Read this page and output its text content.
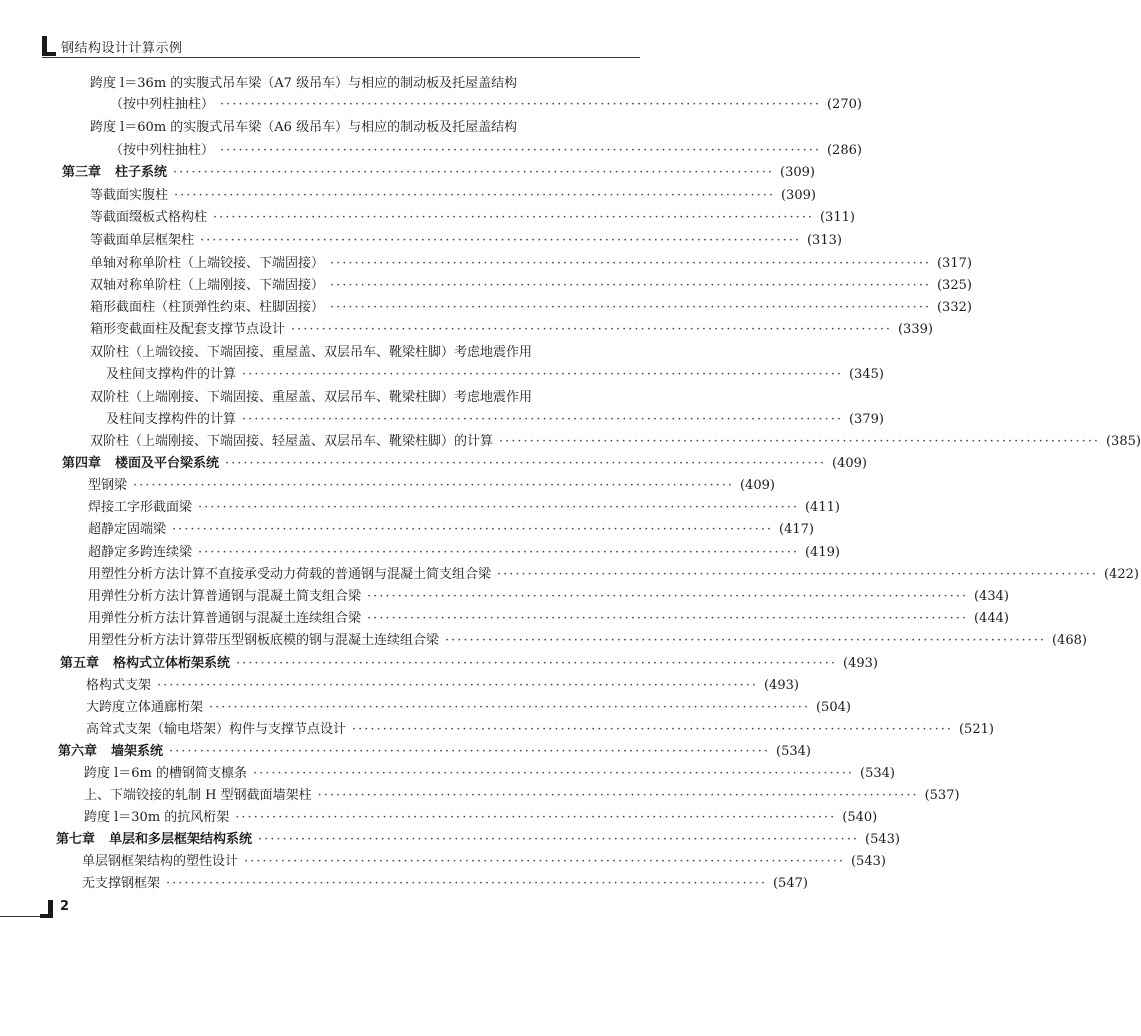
钢结构设计计算示例
跨度 l＝36m 的实腹式吊车梁（A7 级吊车）与相应的制动板及托屋盖结构
（按中列柱抽柱） ·································································································· (270)
跨度 l＝60m 的实腹式吊车梁（A6 级吊车）与相应的制动板及托屋盖结构
（按中列柱抽柱） ·································································································· (286)
第三章 柱子系统 ·································································································· (309)
等截面实腹柱 ·································································································· (309)
等截面缀板式格构柱 ·································································································· (311)
等截面单层框架柱 ·································································································· (313)
单轴对称单阶柱（上端铰接、下端固接） ·································································································· (317)
双轴对称单阶柱（上端刚接、下端固接） ·································································································· (325)
箱形截面柱（柱顶弹性约束、柱脚固接） ·································································································· (332)
箱形变截面柱及配套支撑节点设计 ·································································································· (339)
双阶柱（上端铰接、下端固接、重屋盖、双层吊车、靴梁柱脚）考虑地震作用
及柱间支撑构件的计算 ·································································································· (345)
双阶柱（上端刚接、下端固接、重屋盖、双层吊车、靴梁柱脚）考虑地震作用
及柱间支撑构件的计算 ·································································································· (379)
双阶柱（上端刚接、下端固接、轻屋盖、双层吊车、靴梁柱脚）的计算 ·································································································· (385)
第四章 楼面及平台梁系统 ·································································································· (409)
型钢梁 ·································································································· (409)
焊接工字形截面梁 ·································································································· (411)
超静定固端梁 ·································································································· (417)
超静定多跨连续梁 ·································································································· (419)
用塑性分析方法计算不直接承受动力荷载的普通钢与混凝土简支组合梁 ·································································································· (422)
用弹性分析方法计算普通钢与混凝土简支组合梁 ·································································································· (434)
用弹性分析方法计算普通钢与混凝土连续组合梁 ·································································································· (444)
用塑性分析方法计算带压型钢板底模的钢与混凝土连续组合梁 ·································································································· (468)
第五章 格构式立体桁架系统 ·································································································· (493)
格构式支架 ·································································································· (493)
大跨度立体通廊桁架 ·································································································· (504)
高耸式支架（输电塔架）构件与支撑节点设计 ·································································································· (521)
第六章 墙架系统 ·································································································· (534)
跨度 l＝6m 的槽钢简支檩条 ·································································································· (534)
上、下端铰接的轧制 H 型钢截面墙架柱 ·································································································· (537)
跨度 l＝30m 的抗风桁架 ·································································································· (540)
第七章 单层和多层框架结构系统 ·································································································· (543)
单层钢框架结构的塑性设计 ·································································································· (543)
无支撑钢框架 ·································································································· (547)
2
